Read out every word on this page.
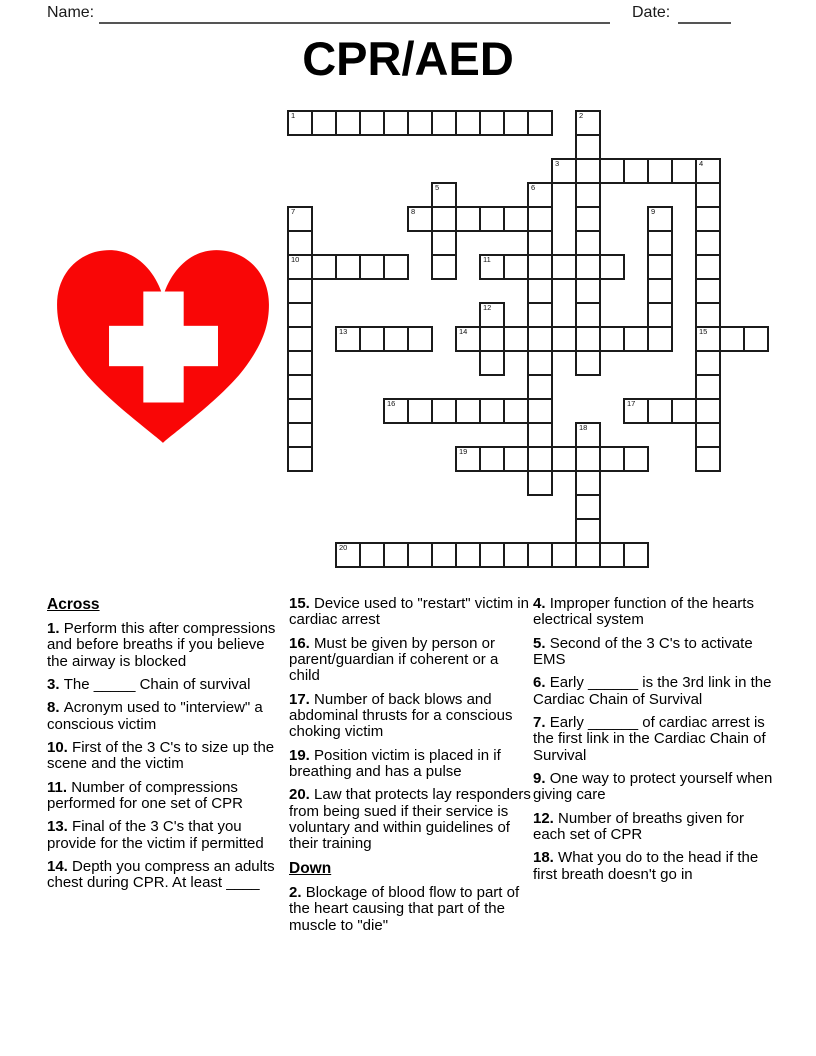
Name:	Date:
CPR/AED
1	2
3	4
15
5	6
7
10
8	9
11
12
13	14
16	17
18
19
20
Across

1. Perform this after compressions and before breaths if you believe the airway is blocked

3. The _____ Chain of survival

8. Acronym used to "interview" a conscious victim

10. First of the 3 C's to size up the scene and the victim

11. Number of compressions performed for one set of CPR

13. Final of the 3 C's that you provide for the victim if permitted

14. Depth you compress an adults chest during CPR. At least ____

15. Device used to "restart" victim in cardiac arrest

16. Must be given by person or parent/guardian if coherent or a child

17. Number of back blows and abdominal thrusts for a conscious choking victim

19. Position victim is placed in if breathing and has a pulse

20. Law that protects lay responders from being sued if their service is voluntary and within guidelines of their training

Down

2. Blockage of blood flow to part of the heart causing that part of the muscle to "die"

4. Improper function of the hearts electrical system

5. Second of the 3 C's to activate EMS

6. Early ______ is the 3rd link in the Cardiac Chain of Survival

7. Early ______ of cardiac arrest is the first link in the Cardiac Chain of Survival

9. One way to protect yourself when giving care

12. Number of breaths given for each set of CPR

18. What you do to the head if the first breath doesn't go in
